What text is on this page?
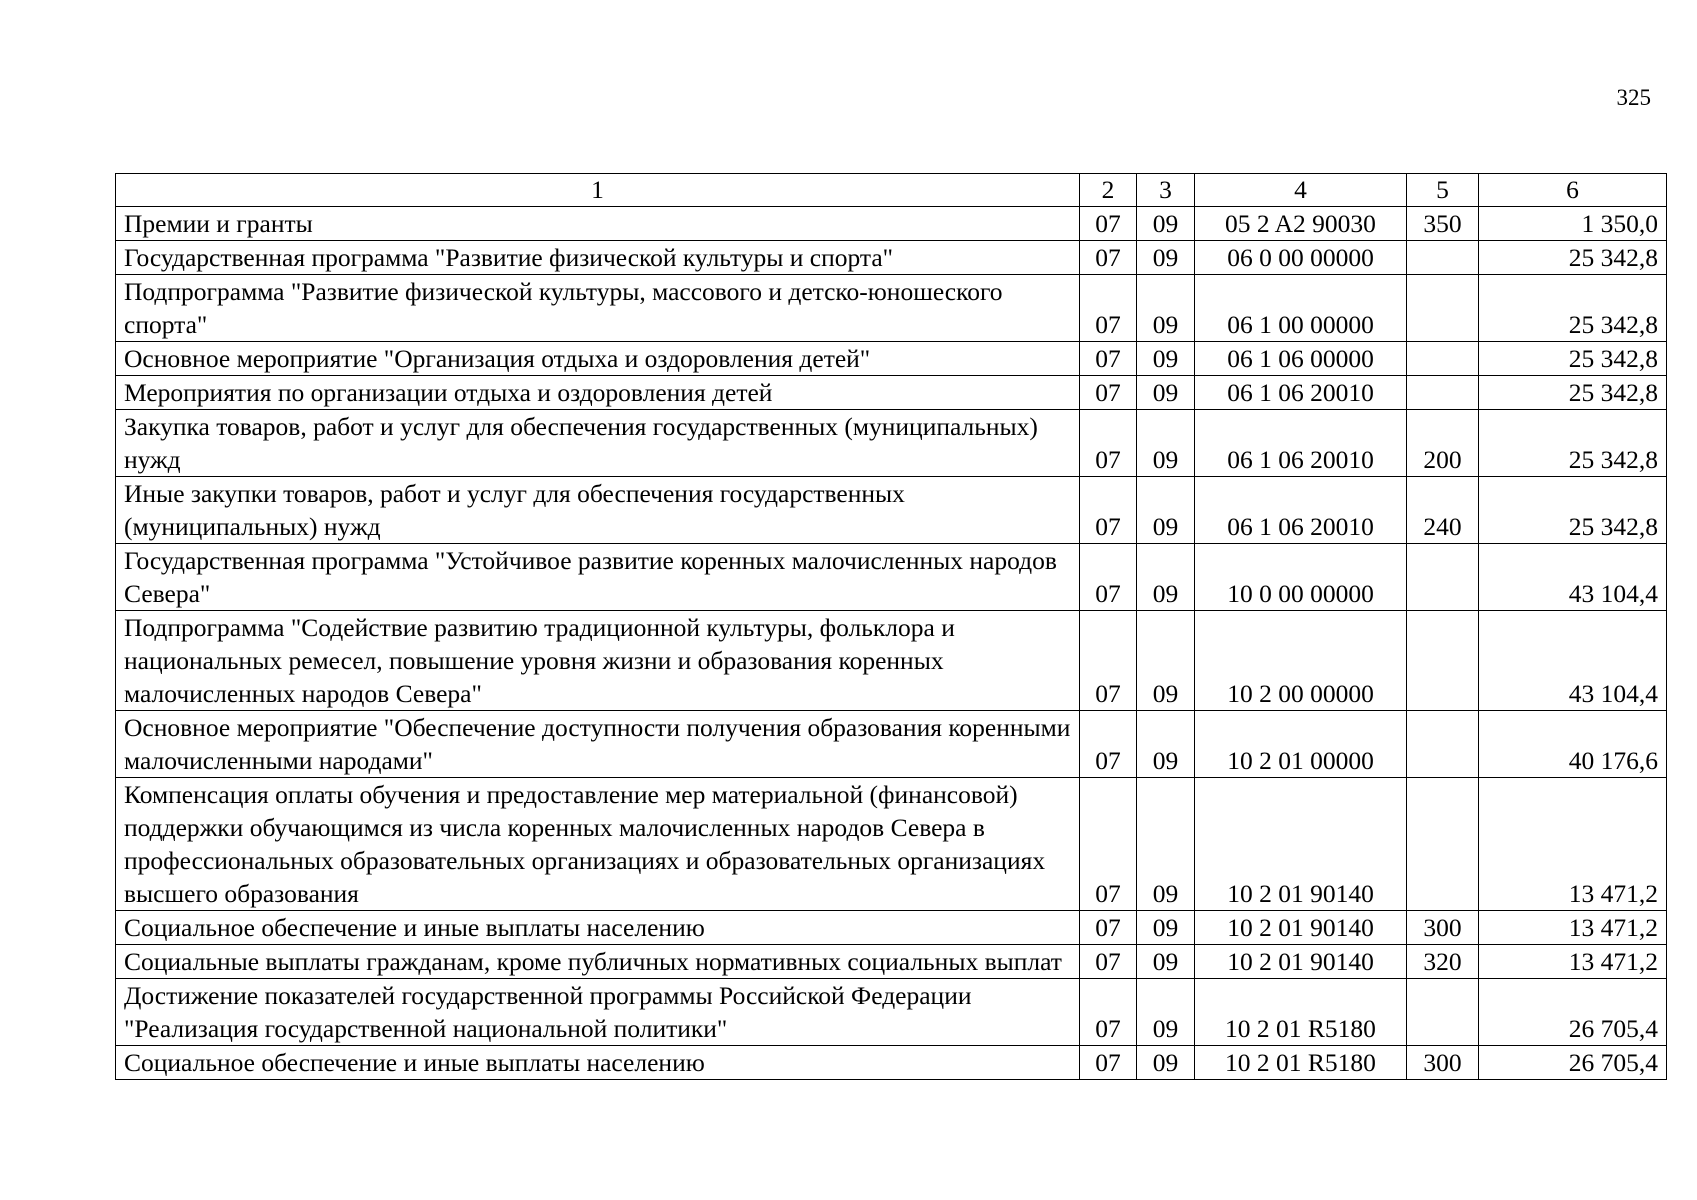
325
1	2	3	4	5	6
Премии и гранты	07	09	05 2 A2 90030	350	1 350,0
Государственная программа "Развитие физической культуры и спорта"	07	09	06 0 00 00000		25 342,8
Подпрограмма "Развитие физической культуры, массового и детско-юношеского спорта"	07	09	06 1 00 00000		25 342,8
Основное мероприятие "Организация отдыха и оздоровления детей"	07	09	06 1 06 00000		25 342,8
Мероприятия по организации отдыха и оздоровления детей	07	09	06 1 06 20010		25 342,8
Закупка товаров, работ и услуг для обеспечения государственных (муниципальных) нужд	07	09	06 1 06 20010	200	25 342,8
Иные закупки товаров, работ и услуг для обеспечения государственных (муниципальных) нужд	07	09	06 1 06 20010	240	25 342,8
Государственная программа "Устойчивое развитие коренных малочисленных народов Севера"	07	09	10 0 00 00000		43 104,4
Подпрограмма "Содействие развитию традиционной культуры, фольклора и национальных ремесел, повышение уровня жизни и образования коренных малочисленных народов Севера"	07	09	10 2 00 00000		43 104,4
Основное мероприятие "Обеспечение доступности получения образования коренными малочисленными народами"	07	09	10 2 01 00000		40 176,6
Компенсация оплаты обучения и предоставление мер материальной (финансовой) поддержки обучающимся из числа коренных малочисленных народов Севера в профессиональных образовательных организациях и образовательных организациях высшего образования	07	09	10 2 01 90140		13 471,2
Социальное обеспечение и иные выплаты населению	07	09	10 2 01 90140	300	13 471,2
Социальные выплаты гражданам, кроме публичных нормативных социальных выплат	07	09	10 2 01 90140	320	13 471,2
Достижение показателей государственной программы Российской Федерации "Реализация государственной национальной политики"	07	09	10 2 01 R5180		26 705,4
Социальное обеспечение и иные выплаты населению	07	09	10 2 01 R5180	300	26 705,4
